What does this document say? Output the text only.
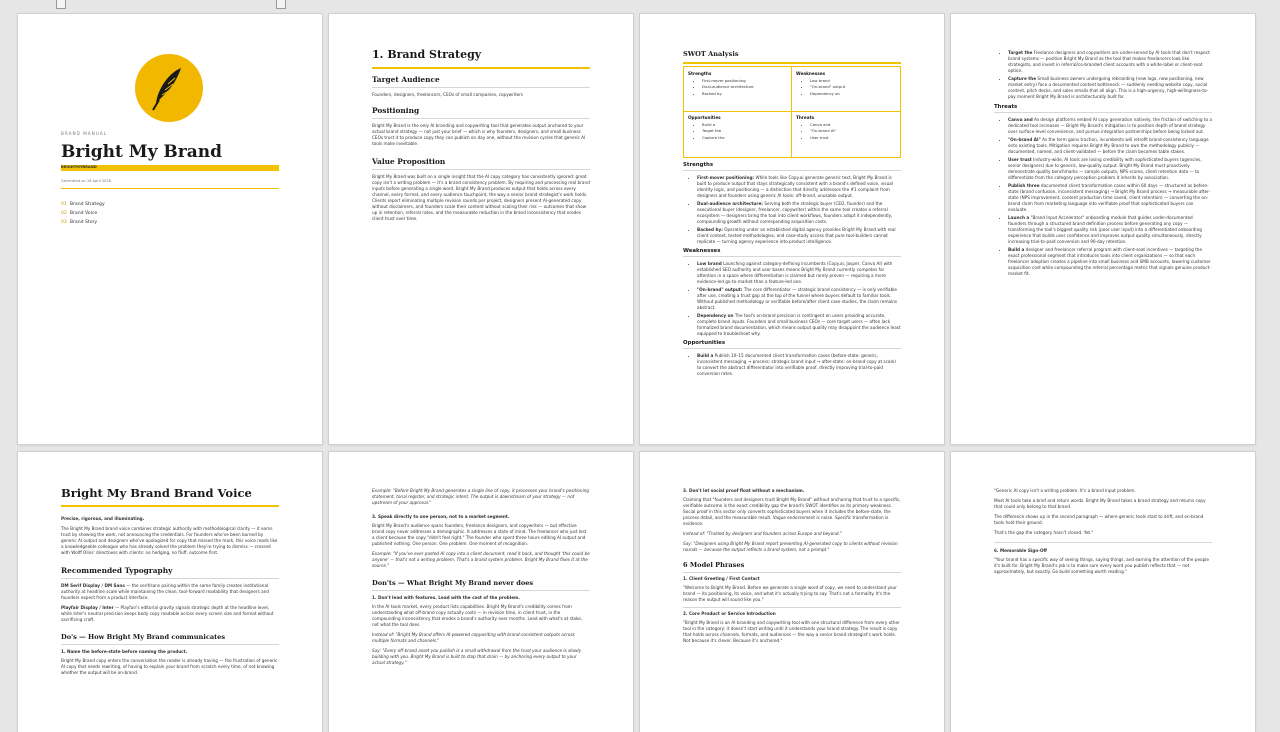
BRAND MANUAL
Bright My Brand
BRIGHTMYBRAND
Generated on 18 April 2026
01 Brand Strategy
02 Brand Voice
03 Brand Story
1. Brand Strategy
Target Audience
Founders, designers, freelancers, CEOs of small companies, copywriters
Positioning
Bright My Brand is the only AI branding and copywriting tool that generates output anchored to your actual brand strategy — not just your brief — which is why founders, designers, and small business CEOs trust it to produce copy they can publish on day one, without the revision cycles that generic AI tools make inevitable.
Value Proposition
Bright My Brand was built on a single insight that the AI copy category has consistently ignored: great copy isn't a writing problem — it's a brand consistency problem. By requiring and processing real brand inputs before generating a single word, Bright My Brand produces output that holds across every channel, every format, and every audience touchpoint, the way a senior brand strategist's work holds. Clients report eliminating multiple revision rounds per project, designers present AI-generated copy without disclaimers, and founders scale their content without scaling their risk — outcomes that show up in retention, referral rates, and the measurable reduction in the brand inconsistency that erodes client trust over time.
SWOT Analysis
Strengths
• First-mover positioning
• Dual-audience architecture
• Backed by
Weaknesses
• Low brand
• "On-brand" output
• Dependency on
Opportunities
• Build a
• Target the
• Capture the
Threats
• Canva and
• "On-brand AI"
• User trust
Strengths
• First-mover positioning: While tools like Copy.ai generate generic text, Bright My Brand is built to produce output that stays strategically consistent with a brand's defined voice, visual identity logic, and positioning — a distinction that directly addresses the #1 complaint from designers and founders using generic AI tools: off-brand, unusable output.
• Dual-audience architecture: Serving both the strategic buyer (CEO, founder) and the executional buyer (designer, freelancer, copywriter) within the same tool creates a referral ecosystem — designers bring the tool into client workflows, founders adopt it independently, compounding growth without corresponding acquisition costs.
• Backed by: Operating under an established digital agency provides Bright My Brand with real client context, tested methodologies, and case-study access that pure tool-builders cannot replicate — turning agency experience into product intelligence.
Weaknesses
• Low brand Launching against category-defining incumbents (Copy.ai, Jasper, Canva AI) with established SEO authority and user bases means Bright My Brand currently competes for attention in a space where differentiation is claimed but rarely proven — requiring a more evidence-led go-to-market than a feature-led one.
• "On-brand" output: The core differentiator — strategic brand consistency — is only verifiable after use, creating a trust gap at the top of the funnel where buyers default to familiar tools. Without published methodology or verifiable before/after client case studies, the claim remains abstract.
• Dependency on The tool's on-brand precision is contingent on users providing accurate, complete brand inputs. Founders and small business CEOs — core target users — often lack formalized brand documentation, which means output quality may disappoint the audience least equipped to troubleshoot why.
Opportunities
• Build a Publish 10–15 documented client transformation cases (before-state: generic, inconsistent messaging → process: strategic brand input → after-state: on-brand copy at scale) to convert the abstract differentiator into verifiable proof, directly improving trial-to-paid conversion rates.
• Target the Freelance designers and copywriters are under-served by AI tools that don't respect brand systems — position Bright My Brand as the tool that makes freelancers look like strategists, and invest in referral/co-branded client accounts with a white-label or client-seat option.
• Capture the Small business owners undergoing rebranding (new logo, new positioning, new market entry) face a documented content bottleneck — suddenly needing website copy, social content, pitch decks, and sales emails that all align. This is a high-urgency, high-willingness-to-pay moment Bright My Brand is architecturally built for.
Threats
• Canva and As design platforms embed AI copy generation natively, the friction of switching to a dedicated tool increases — Bright My Brand's mitigation is to position depth of brand strategy over surface-level convenience, and pursue integration partnerships before being locked out.
• "On-brand AI" As the term gains traction, incumbents will retrofit brand-consistency language onto existing tools. Mitigation requires Bright My Brand to own the methodology publicly — documented, named, and client-validated — before the claim becomes table stakes.
• User trust Industry-wide, AI tools are losing credibility with sophisticated buyers (agencies, senior designers) due to generic, low-quality output. Bright My Brand must proactively demonstrate quality benchmarks — sample outputs, NPS scores, client retention data — to differentiate from the category perception problem it inherits by association.
• Publish three documented client transformation cases within 60 days — structured as before-state (brand confusion, inconsistent messaging) → Bright My Brand process → measurable after-state (NPS improvement, content production time saved, client retention) — converting the on-brand claim from marketing language into verifiable proof that sophisticated buyers can evaluate.
• Launch a "Brand Input Accelerator" onboarding module that guides under-documented founders through a structured brand definition process before generating any copy — transforming the tool's biggest quality risk (poor user input) into a differentiated onboarding experience that builds user confidence and improves output quality simultaneously, directly increasing trial-to-paid conversion and 90-day retention.
• Build a designer and freelancer referral program with client-seat incentives — targeting the exact professional segment that introduces tools into client organizations — so that each freelancer adoption creates a pipeline into small business and SMB accounts, lowering customer acquisition cost while compounding the referral percentage metric that signals genuine product-market fit.
Bright My Brand Brand Voice
Precise, rigorous, and illuminating.
The Bright My Brand brand voice combines strategic authority with methodological clarity — it earns trust by showing the work, not announcing the credentials. For founders who've been burned by generic AI output and designers who've apologized for copy that missed the mark, this voice reads like a knowledgeable colleague who has already solved the problem they're trying to dismiss — crossed with Wolff Olins' directness with clients: no hedging, no fluff, outcome first.
Recommended Typography
DM Serif Display / DM Sans — the serif/sans pairing within the same family creates institutional authority at headline scale while maintaining the clean, tool-forward readability that designers and founders expect from a product interface.
Playfair Display / Inter — Playfair's editorial gravity signals strategic depth at the headline level, while Inter's neutral precision keeps body copy readable across every screen size and format without sacrificing craft.
Do's — How Bright My Brand communicates
1. Name the before-state before naming the product.
Bright My Brand copy enters the conversation the reader is already having — the frustration of generic AI copy that needs rewriting, of having to explain your brand from scratch every time, of not knowing whether the output will be on-brand.
Example: "Before Bright My Brand generates a single line of copy, it processes your brand's positioning statement, tonal register, and strategic intent. The output is downstream of your strategy — not upstream of your approval."
3. Speak directly to one person, not to a market segment.
Bright My Brand's audience spans founders, freelance designers, and copywriters — but effective brand copy never addresses a demographic. It addresses a state of mind. The freelancer who just lost a client because the copy "didn't feel right." The founder who spent three hours editing AI output and published nothing. One person. One problem. One moment of recognition.
Example: "If you've ever pasted AI copy into a client document, read it back, and thought 'this could be anyone' — that's not a writing problem. That's a brand system problem. Bright My Brand fixes it at the source."
Don'ts — What Bright My Brand never does
1. Don't lead with features. Lead with the cost of the problem.
In the AI tools market, every product lists capabilities. Bright My Brand's credibility comes from understanding what off-brand copy actually costs — in revision time, in client trust, in the compounding inconsistency that erodes a brand's authority over months. Lead with what's at stake, not what the tool does.
Instead of: "Bright My Brand offers AI-powered copywriting with brand-consistent outputs across multiple formats and channels."
Say: "Every off-brand asset you publish is a small withdrawal from the trust your audience is slowly building with you. Bright My Brand is built to stop that drain — by anchoring every output to your actual strategy."
3. Don't let social proof float without a mechanism.
Claiming that "founders and designers trust Bright My Brand" without anchoring that trust to a specific, verifiable outcome is the exact credibility gap the brand's SWOT identifies as its primary weakness. Social proof in this sector only converts sophisticated buyers when it includes the before-state, the process detail, and the measurable result. Vague endorsement is noise. Specific transformation is evidence.
Instead of: "Trusted by designers and founders across Europe and beyond."
Say: "Designers using Bright My Brand report presenting AI-generated copy to clients without revision rounds — because the output reflects a brand system, not a prompt."
6 Model Phrases
1. Client Greeting / First Contact
"Welcome to Bright My Brand. Before we generate a single word of copy, we need to understand your brand — its positioning, its voice, and what it's actually trying to say. That's not a formality. It's the reason the output will sound like you."
2. Core Product or Service Introduction
"Bright My Brand is an AI branding and copywriting tool with one structural difference from every other tool in the category: it doesn't start writing until it understands your brand strategy. The result is copy that holds across channels, formats, and audiences — the way a senior brand strategist's work holds. Not because it's clever. Because it's anchored."
"Generic AI copy isn't a writing problem. It's a brand input problem.
Most AI tools take a brief and return words. Bright My Brand takes a brand strategy and returns copy that could only belong to that brand.
The difference shows up in the second paragraph — where generic tools start to drift, and on-brand tools hold their ground.
That's the gap the category hasn't closed. Yet."
6. Memorable Sign-Off
"Your brand has a specific way of seeing things, saying things, and earning the attention of the people it's built for. Bright My Brand's job is to make sure every word you publish reflects that — not approximately, but exactly. Go build something worth reading."
